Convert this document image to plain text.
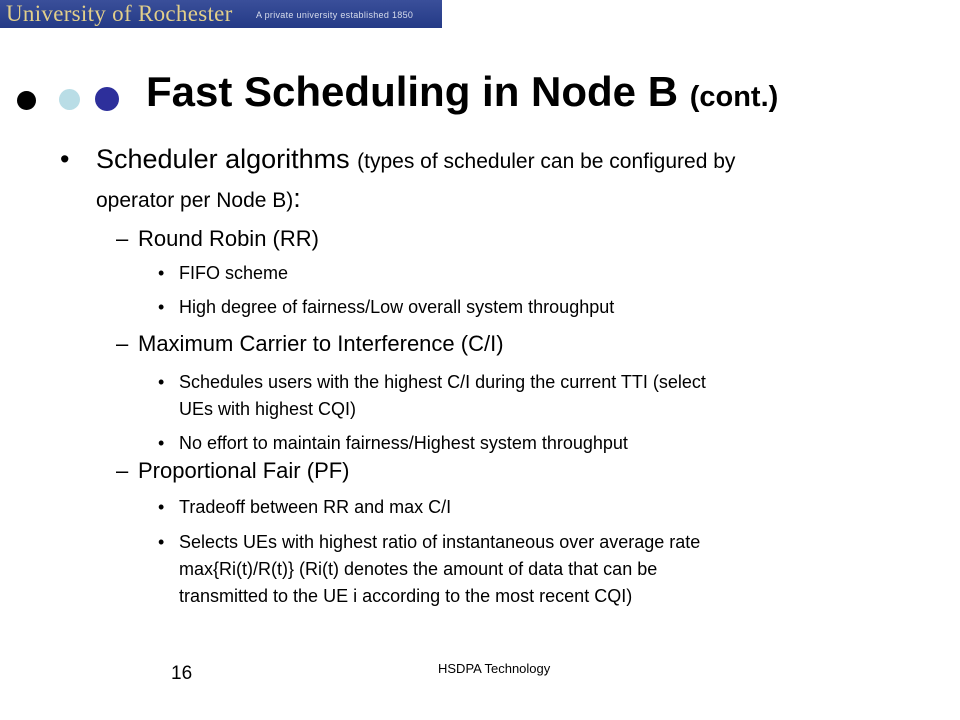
University of Rochester	A private university established 1850
Fast Scheduling in Node B (cont.)
• Scheduler algorithms (types of scheduler can be configured by
operator per Node B):
– Round Robin (RR)
• FIFO scheme
• High degree of fairness/Low overall system throughput
– Maximum Carrier to Interference (C/I)
• Schedules users with the highest C/I during the current TTI (select
UEs with highest CQI)
• No effort to maintain fairness/Highest system throughput
– Proportional Fair (PF)
• Tradeoff between RR and max C/I
• Selects UEs with highest ratio of instantaneous over average rate
max{Ri(t)/R(t)} (Ri(t) denotes the amount of data that can be
transmitted to the UE i according to the most recent CQI)
16	HSDPA Technology
